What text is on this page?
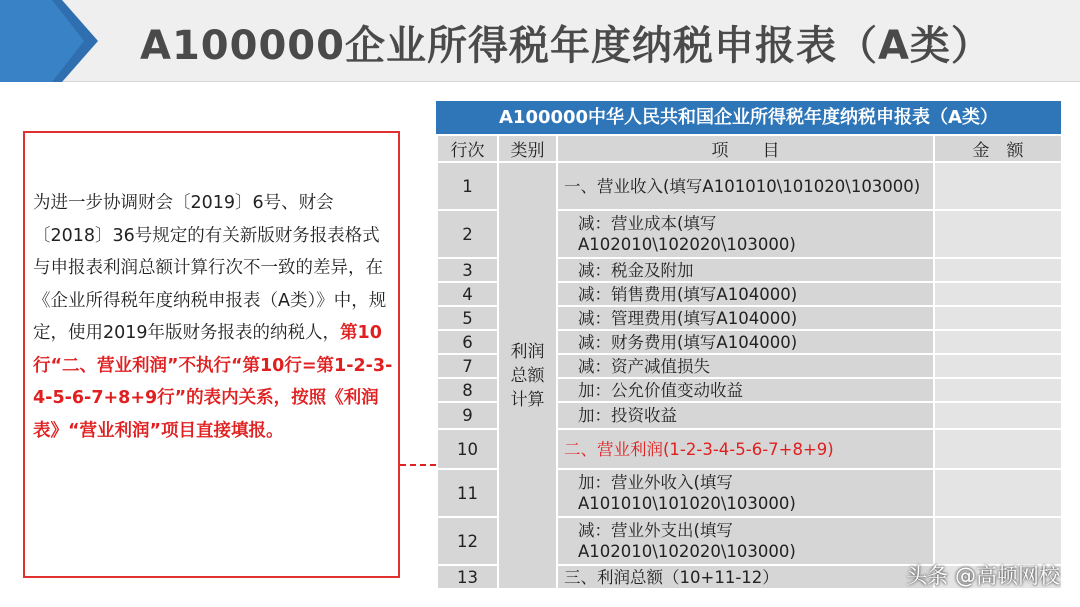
A100000企业所得税年度纳税申报表（A类）
为进一步协调财会〔2019〕6号、财会〔2018〕36号规定的有关新版财务报表格式与申报表利润总额计算行次不一致的差异，在《企业所得税年度纳税申报表（A类）》中，规定，使用2019年版财务报表的纳税人，第10行“二、营业利润”不执行“第10行=第1-2-3-4-5-6-7+8+9行”的表内关系，按照《利润表》“营业利润”项目直接填报。
A100000中华人民共和国企业所得税年度纳税申报表（A类）
行次	类别	项　　目	金　额
1	利润总额计算	一、营业收入(填写A101010\101020\103000)	
2		减：营业成本(填写A102010\102020\103000)	
3		减：税金及附加	
4		减：销售费用(填写A104000)	
5		减：管理费用(填写A104000)	
6		减：财务费用(填写A104000)	
7		减：资产减值损失	
8		加：公允价值变动收益	
9		加：投资收益	
10		二、营业利润(1-2-3-4-5-6-7+8+9)	
11		加：营业外收入(填写A101010\101020\103000)	
12		减：营业外支出(填写A102010\102020\103000)	
13		三、利润总额（10+11-12）		头条 @高顿网校
